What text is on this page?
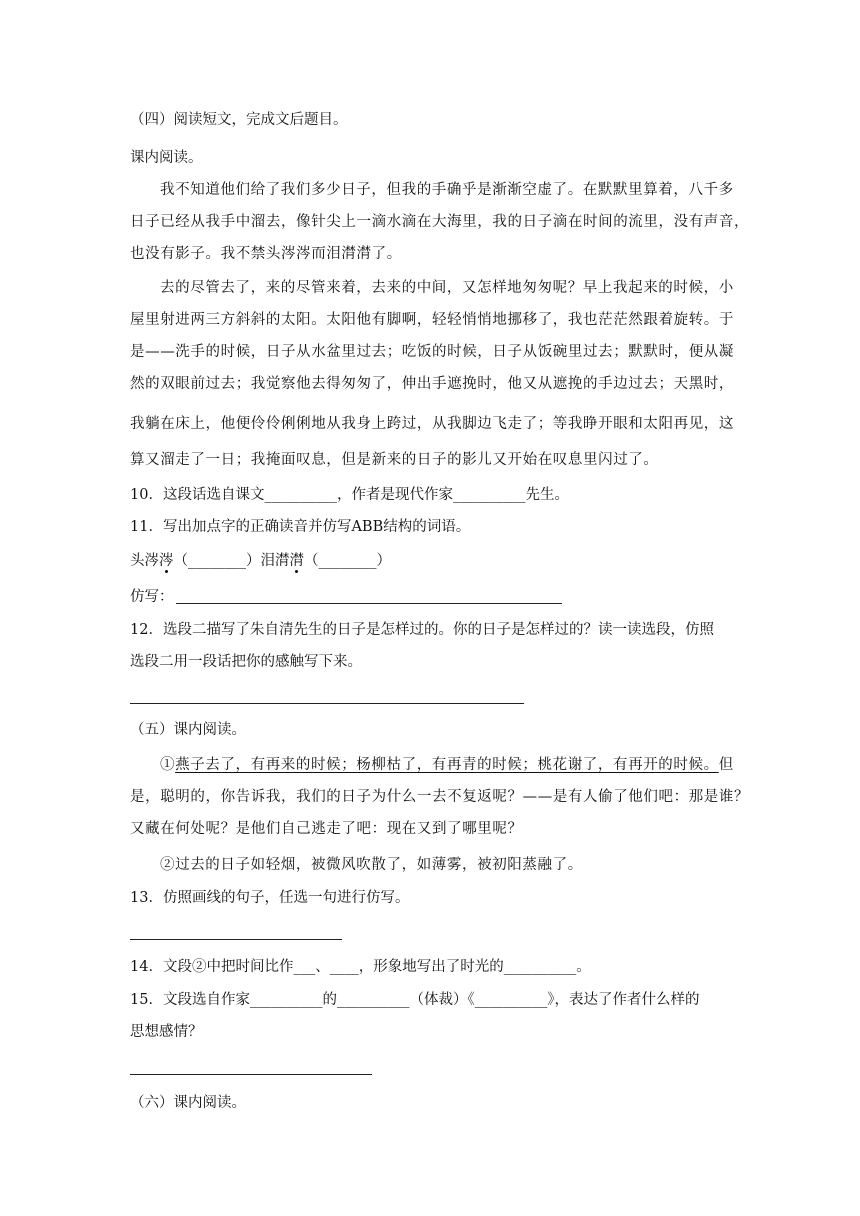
（四）阅读短文，完成文后题目。
课内阅读。
我不知道他们给了我们多少日子，但我的手确乎是渐渐空虚了。在默默里算着，八千多
日子已经从我手中溜去，像针尖上一滴水滴在大海里，我的日子滴在时间的流里，没有声音，
也没有影子。我不禁头涔涔而泪潸潸了。
去的尽管去了，来的尽管来着，去来的中间，又怎样地匆匆呢？早上我起来的时候，小
屋里射进两三方斜斜的太阳。太阳他有脚啊，轻轻悄悄地挪移了，我也茫茫然跟着旋转。于
是——洗手的时候，日子从水盆里过去；吃饭的时候，日子从饭碗里过去；默默时，便从凝
然的双眼前过去；我觉察他去得匆匆了，伸出手遮挽时，他又从遮挽的手边过去；天黑时，
我躺在床上，他便伶伶俐俐地从我身上跨过，从我脚边飞走了；等我睁开眼和太阳再见，这
算又溜走了一日；我掩面叹息，但是新来的日子的影儿又开始在叹息里闪过了。
10．这段话选自课文__________，作者是现代作家__________先生。
11．写出加点字的正确读音并仿写ABB结构的词语。
头涔涔（________）泪潸潸（________）
仿写：
12．选段二描写了朱自清先生的日子是怎样过的。你的日子是怎样过的？读一读选段，仿照
选段二用一段话把你的感触写下来。
（五）课内阅读。
①燕子去了，有再来的时候；杨柳枯了，有再青的时候；桃花谢了，有再开的时候。但
是，聪明的，你告诉我，我们的日子为什么一去不复返呢？——是有人偷了他们吧：那是谁？
又藏在何处呢？是他们自己逃走了吧：现在又到了哪里呢？
②过去的日子如轻烟，被微风吹散了，如薄雾，被初阳蒸融了。
13．仿照画线的句子，任选一句进行仿写。
14．文段②中把时间比作___、____，形象地写出了时光的__________。
15．文段选自作家__________的__________（体裁）《__________》，表达了作者什么样的
思想感情？
（六）课内阅读。
